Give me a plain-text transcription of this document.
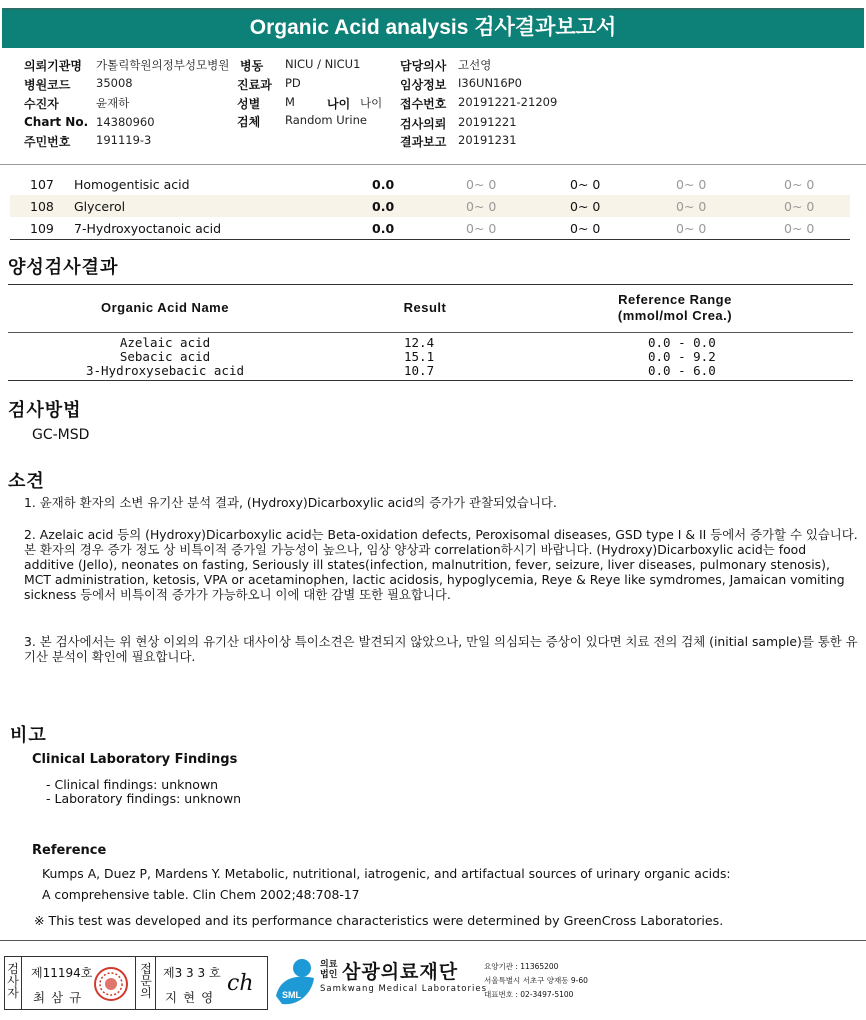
Organic Acid analysis 검사결과보고서
의뢰기관명 가톨릭학원의정부성모병원 병동 NICU / NICU1	담당의사 고선영
병원코드 35008	진료과 PD	임상정보 I36UN16P0
수진자	윤재하	성별 M	나이 나이 접수번호 20191221-21209
Chart No. 14380960	검체 Random Urine	검사의뢰 20191221
주민번호 191119-3	결과보고 20191231
107 Homogentisic acid	0.0	0~ 0	0~ 0	0~ 0	0~ 0
108 Glycerol	0.0	0~ 0	0~ 0	0~ 0	0~ 0
109 7-Hydroxyoctanoic acid	0.0	0~ 0	0~ 0	0~ 0	0~ 0
양성검사결과
Organic Acid Name	Result
Reference Range
(mmol/mol Crea.)
Azelaic acid	12.4	0.0 - 0.0
Sebacic acid	15.1	0.0 - 9.2
3-Hydroxysebacic acid	10.7	0.0 - 6.0
검사방법
GC-MSD
소견
1. 윤재하 환자의 소변 유기산 분석 결과, (Hydroxy)Dicarboxylic acid의 증가가 관찰되었습니다.
2. Azelaic acid 등의 (Hydroxy)Dicarboxylic acid는 Beta-oxidation defects, Peroxisomal diseases, GSD type I & II 등에서 증가할 수 있습니다. 본 환자의 경우 증가 정도 상 비특이적 증가일 가능성이 높으나, 임상 양상과 correlation하시기 바랍니다. (Hydroxy)Dicarboxylic acid는 food additive (Jello), neonates on fasting, Seriously ill states(infection, malnutrition, fever, seizure, liver diseases, pulmonary stenosis), MCT administration, ketosis, VPA or acetaminophen, lactic acidosis, hypoglycemia, Reye & Reye like symdromes, Jamaican vomiting sickness 등에서 비특이적 증가가 가능하오니 이에 대한 감별 또한 필요합니다.
3. 본 검사에서는 위 현상 이외의 유기산 대사이상 특이소견은 발견되지 않았으나, 만일 의심되는 증상이 있다면 치료 전의 검체 (initial sample)를 통한 유기산 분석이 확인에 필요합니다.
비고
Clinical Laboratory Findings
- Clinical findings: unknown
- Laboratory findings: unknown
Reference
Kumps A, Duez P, Mardens Y. Metabolic, nutritional, iatrogenic, and artifactual sources of urinary organic acids:
A comprehensive table. Clin Chem 2002;48:708-17
※ This test was developed and its performance characteristics were determined by GreenCross Laboratories.
검사자
제11194호
최 삼 규
접문의
제3 3 3 호
지 현 영
ch	SML
의료
법인 삼광의료재단
Samkwang Medical Laboratories
요양기관 : 11365200
서울특별시 서초구 양재동 9-60
대표번호 : 02-3497-5100
